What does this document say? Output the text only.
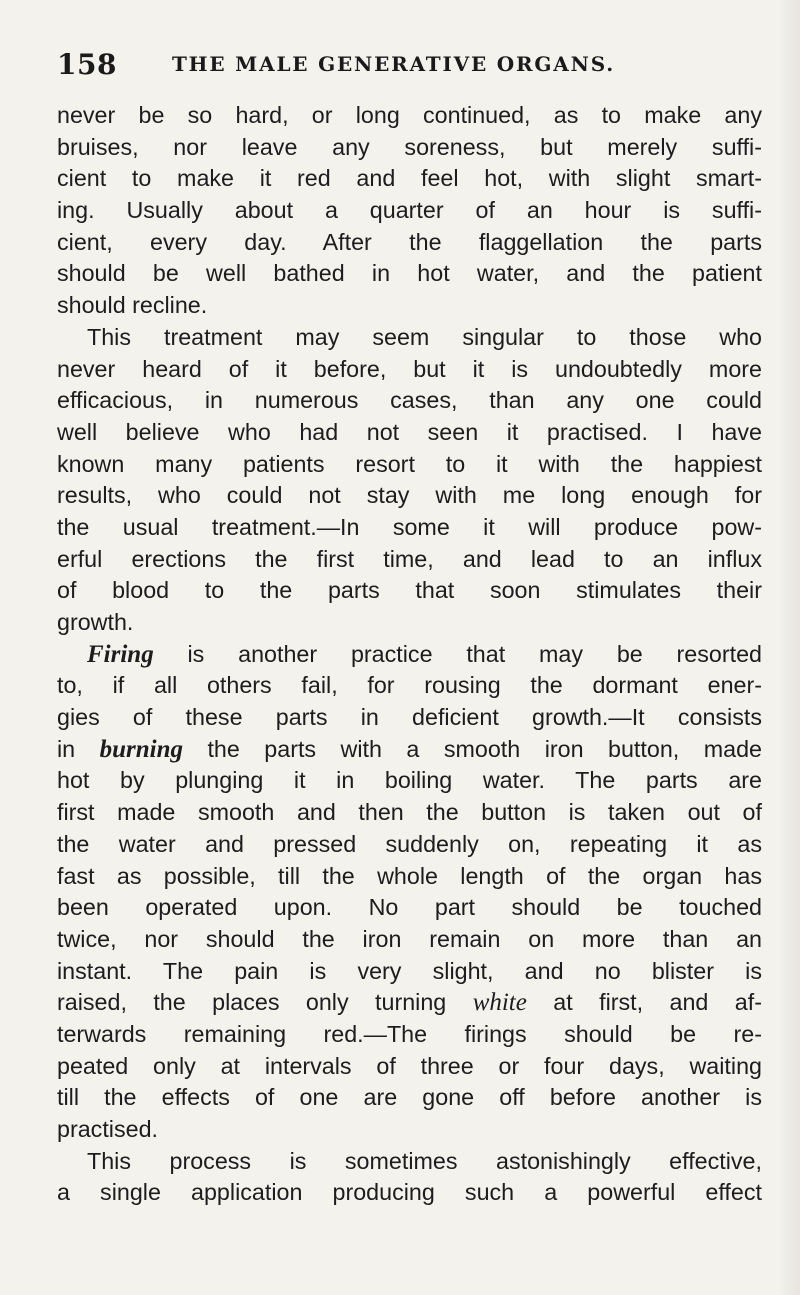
158	THE MALE GENERATIVE ORGANS.
never be so hard, or long continued, as to make any
bruises, nor leave any soreness, but merely suffi-
cient to make it red and feel hot, with slight smart-
ing. Usually about a quarter of an hour is suffi-
cient, every day. After the flaggellation the parts
should be well bathed in hot water, and the patient
should recline.
This treatment may seem singular to those who
never heard of it before, but it is undoubtedly more
efficacious, in numerous cases, than any one could
well believe who had not seen it practised. I have
known many patients resort to it with the happiest
results, who could not stay with me long enough for
the usual treatment.—In some it will produce pow-
erful erections the first time, and lead to an influx
of blood to the parts that soon stimulates their
growth.
Firing is another practice that may be resorted
to, if all others fail, for rousing the dormant ener-
gies of these parts in deficient growth.—It consists
in burning the parts with a smooth iron button, made
hot by plunging it in boiling water. The parts are
first made smooth and then the button is taken out of
the water and pressed suddenly on, repeating it as
fast as possible, till the whole length of the organ has
been operated upon. No part should be touched
twice, nor should the iron remain on more than an
instant. The pain is very slight, and no blister is
raised, the places only turning white at first, and af-
terwards remaining red.—The firings should be re-
peated only at intervals of three or four days, waiting
till the effects of one are gone off before another is
practised.
This process is sometimes astonishingly effective,
a single application producing such a powerful effect
